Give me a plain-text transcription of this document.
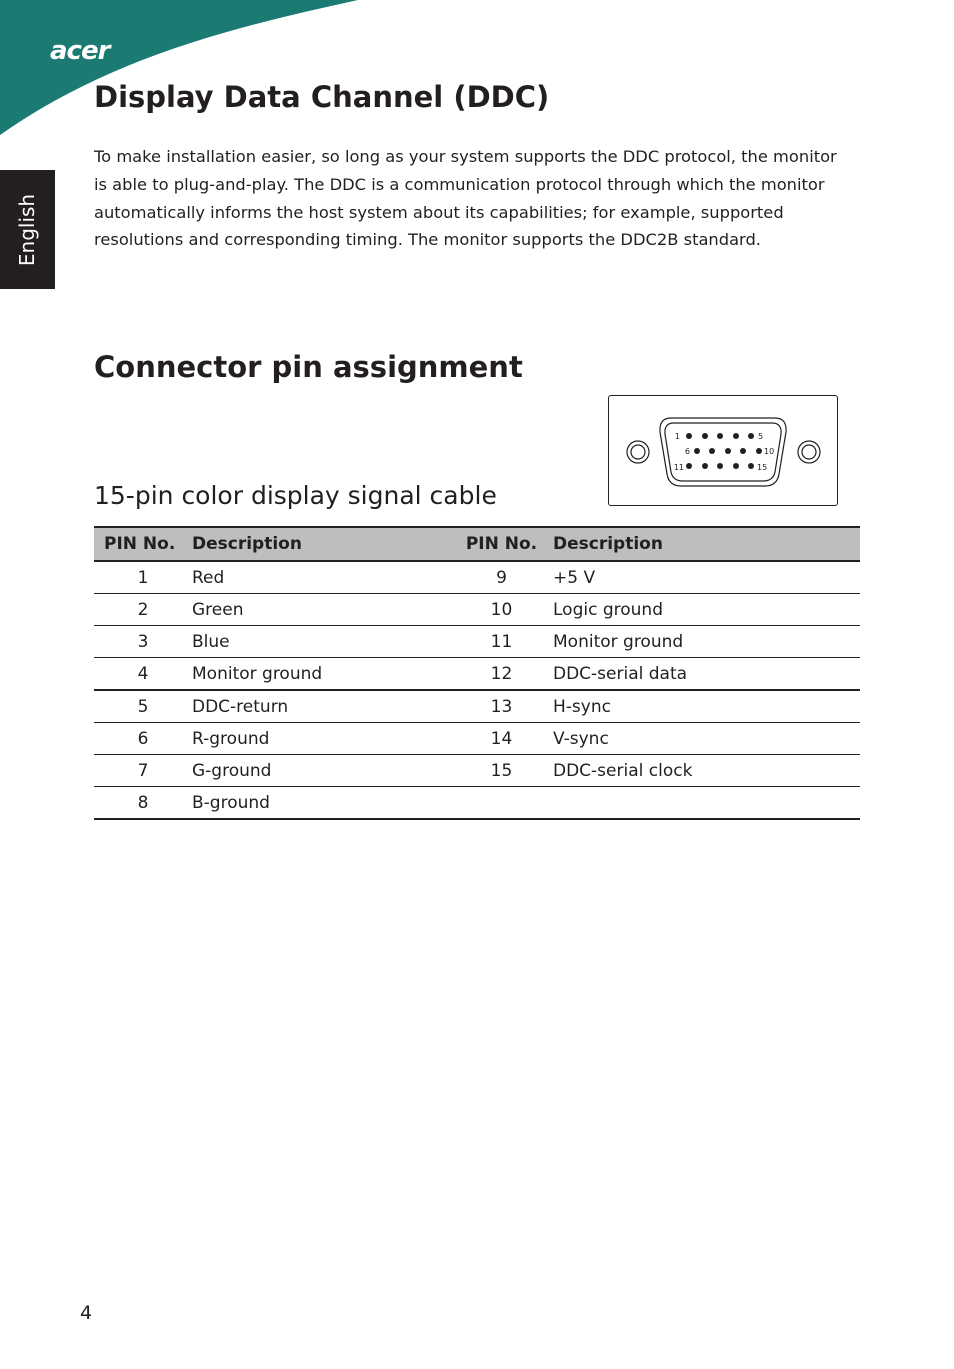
acer
English
Display Data Channel (DDC)

To make installation easier, so long as your system supports the DDC protocol, the monitor is able to plug-and-play. The DDC is a communication protocol through which the monitor automatically informs the host system about its capabilities; for example, supported resolutions and corresponding timing. The monitor supports the DDC2B standard.

Connector pin assignment
15-pin color display signal cable
1	5
6	10
11	15
PIN No.	Description	PIN No.	Description
1	Red	9	+5 V
2	Green	10	Logic ground
3	Blue	11	Monitor ground
4	Monitor ground	12	DDC-serial data
5	DDC-return	13	H-sync
6	R-ground	14	V-sync
7	G-ground	15	DDC-serial clock
8	B-ground		
4
